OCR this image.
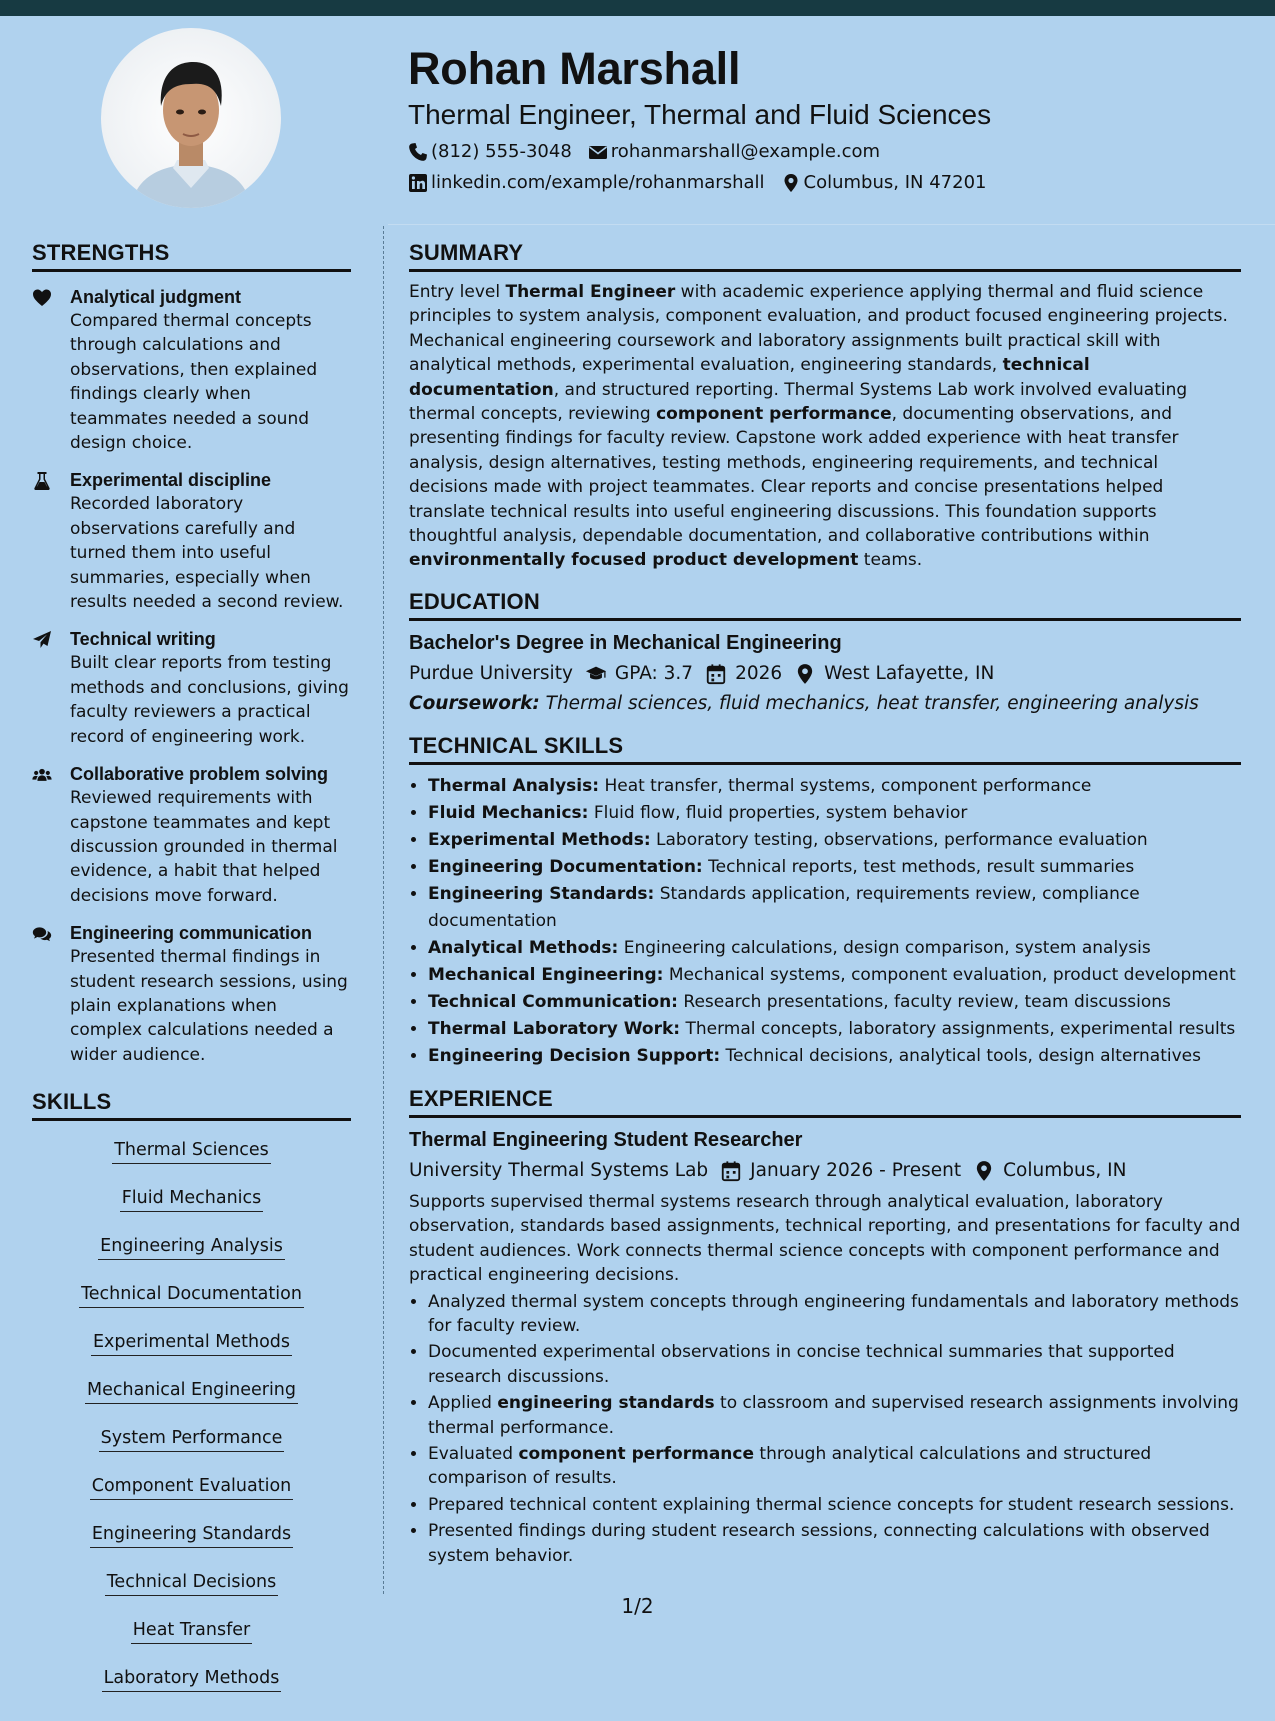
Rohan Marshall
Thermal Engineer, Thermal and Fluid Sciences
(812) 555-3048 rohanmarshall@example.com
linkedin.com/example/rohanmarshall Columbus, IN 47201
STRENGTHS
Analytical judgment
Compared thermal concepts through calculations and observations, then explained findings clearly when teammates needed a sound design choice.
Experimental discipline
Recorded laboratory observations carefully and turned them into useful summaries, especially when results needed a second review.
Technical writing
Built clear reports from testing methods and conclusions, giving faculty reviewers a practical record of engineering work.
Collaborative problem solving
Reviewed requirements with capstone teammates and kept discussion grounded in thermal evidence, a habit that helped decisions move forward.
Engineering communication
Presented thermal findings in student research sessions, using plain explanations when complex calculations needed a wider audience.
SKILLS
Thermal Sciences
Fluid Mechanics
Engineering Analysis
Technical Documentation
Experimental Methods
Mechanical Engineering
System Performance
Component Evaluation
Engineering Standards
Technical Decisions
Heat Transfer
Laboratory Methods
SUMMARY

Entry level Thermal Engineer with academic experience applying thermal and fluid science principles to system analysis, component evaluation, and product focused engineering projects. Mechanical engineering coursework and laboratory assignments built practical skill with analytical methods, experimental evaluation, engineering standards, technical documentation, and structured reporting. Thermal Systems Lab work involved evaluating thermal concepts, reviewing component performance, documenting observations, and presenting findings for faculty review. Capstone work added experience with heat transfer analysis, design alternatives, testing methods, engineering requirements, and technical decisions made with project teammates. Clear reports and concise presentations helped translate technical results into useful engineering discussions. This foundation supports thoughtful analysis, dependable documentation, and collaborative contributions within environmentally focused product development teams.

EDUCATION
Bachelor's Degree in Mechanical Engineering
Purdue University GPA: 3.7 2026 West Lafayette, IN
Coursework: Thermal sciences, fluid mechanics, heat transfer, engineering analysis
TECHNICAL SKILLS
• Thermal Analysis: Heat transfer, thermal systems, component performance
• Fluid Mechanics: Fluid flow, fluid properties, system behavior
• Experimental Methods: Laboratory testing, observations, performance evaluation
• Engineering Documentation: Technical reports, test methods, result summaries
• Engineering Standards: Standards application, requirements review, compliance documentation
• Analytical Methods: Engineering calculations, design comparison, system analysis
• Mechanical Engineering: Mechanical systems, component evaluation, product development
• Technical Communication: Research presentations, faculty review, team discussions
• Thermal Laboratory Work: Thermal concepts, laboratory assignments, experimental results
• Engineering Decision Support: Technical decisions, analytical tools, design alternatives
EXPERIENCE
Thermal Engineering Student Researcher
University Thermal Systems Lab January 2026 - Present Columbus, IN

Supports supervised thermal systems research through analytical evaluation, laboratory observation, standards based assignments, technical reporting, and presentations for faculty and student audiences. Work connects thermal science concepts with component performance and practical engineering decisions.

• Analyzed thermal system concepts through engineering fundamentals and laboratory methods for faculty review.
• Documented experimental observations in concise technical summaries that supported research discussions.
• Applied engineering standards to classroom and supervised research assignments involving thermal performance.
• Evaluated component performance through analytical calculations and structured comparison of results.
• Prepared technical content explaining thermal science concepts for student research sessions.
• Presented findings during student research sessions, connecting calculations with observed system behavior.
1/2
